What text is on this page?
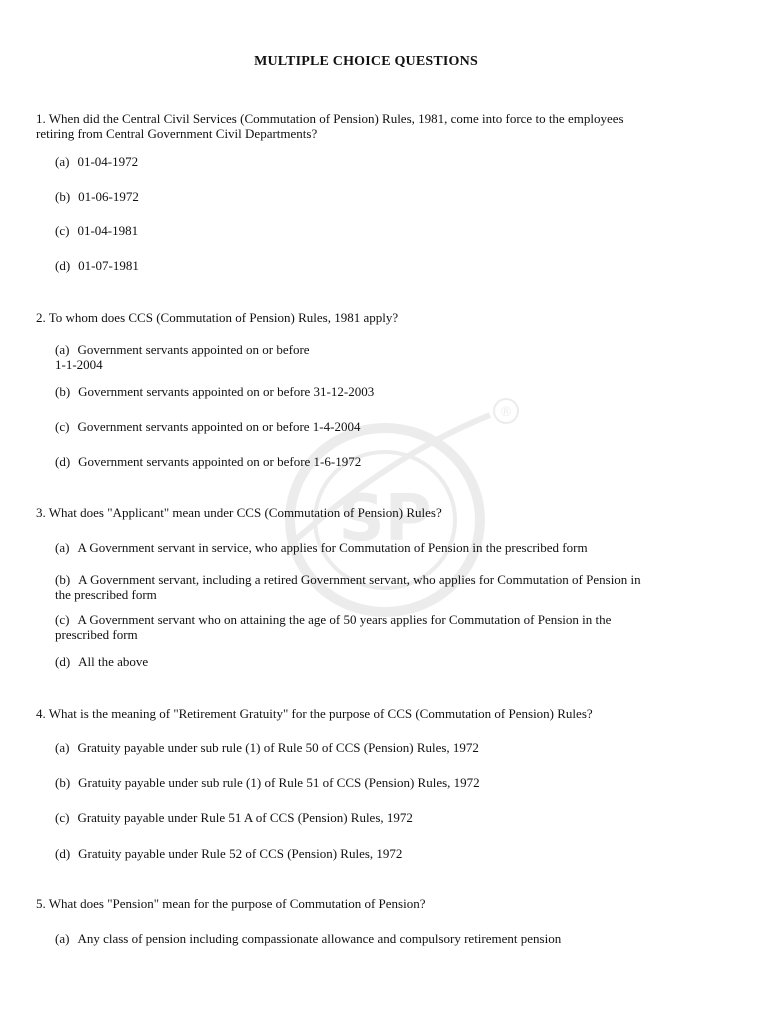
®
SP
MULTIPLE CHOICE QUESTIONS
1. When did the Central Civil Services (Commutation of Pension) Rules, 1981, come into force to the employees retiring from Central Government Civil Departments?
(a) 01-04-1972
(b) 01-06-1972
(c) 01-04-1981
(d) 01-07-1981
2. To whom does CCS (Commutation of Pension) Rules, 1981 apply?
(a) Government servants appointed on or before
1-1-2004
(b) Government servants appointed on or before 31-12-2003
(c) Government servants appointed on or before 1-4-2004
(d) Government servants appointed on or before 1-6-1972
3. What does "Applicant" mean under CCS (Commutation of Pension) Rules?
(a) A Government servant in service, who applies for Commutation of Pension in the prescribed form
(b) A Government servant, including a retired Government servant, who applies for Commutation of Pension in the prescribed form
(c) A Government servant who on attaining the age of 50 years applies for Commutation of Pension in the prescribed form
(d) All the above
4. What is the meaning of "Retirement Gratuity" for the purpose of CCS (Commutation of Pension) Rules?
(a) Gratuity payable under sub rule (1) of Rule 50 of CCS (Pension) Rules, 1972
(b) Gratuity payable under sub rule (1) of Rule 51 of CCS (Pension) Rules, 1972
(c) Gratuity payable under Rule 51 A of CCS (Pension) Rules, 1972
(d) Gratuity payable under Rule 52 of CCS (Pension) Rules, 1972
5. What does "Pension" mean for the purpose of Commutation of Pension?
(a) Any class of pension including compassionate allowance and compulsory retirement pension
